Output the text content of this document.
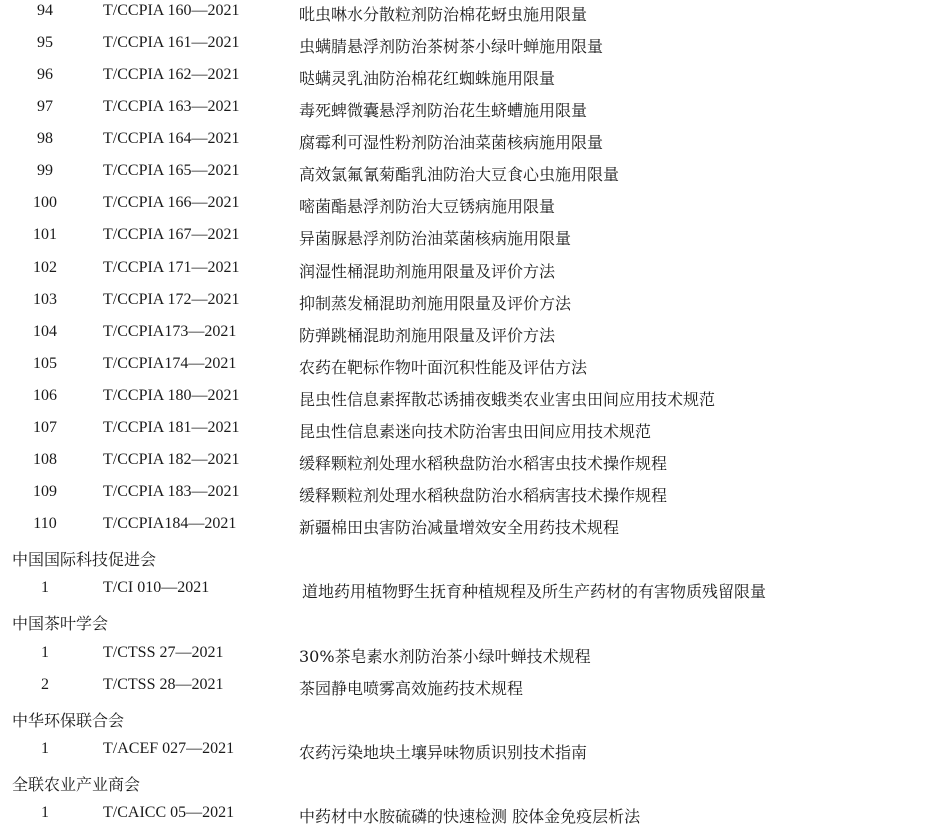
94	T/CCPIA 160—2021	吡虫啉水分散粒剂防治棉花蚜虫施用限量
95	T/CCPIA 161—2021	虫螨腈悬浮剂防治茶树茶小绿叶蝉施用限量
96	T/CCPIA 162—2021	哒螨灵乳油防治棉花红蜘蛛施用限量
97	T/CCPIA 163—2021	毒死蜱微囊悬浮剂防治花生蛴螬施用限量
98	T/CCPIA 164—2021	腐霉利可湿性粉剂防治油菜菌核病施用限量
99	T/CCPIA 165—2021	高效氯氟氰菊酯乳油防治大豆食心虫施用限量
100	T/CCPIA 166—2021	嘧菌酯悬浮剂防治大豆锈病施用限量
101	T/CCPIA 167—2021	异菌脲悬浮剂防治油菜菌核病施用限量
102	T/CCPIA 171—2021	润湿性桶混助剂施用限量及评价方法
103	T/CCPIA 172—2021	抑制蒸发桶混助剂施用限量及评价方法
104	T/CCPIA173—2021	防弹跳桶混助剂施用限量及评价方法
105	T/CCPIA174—2021	农药在靶标作物叶面沉积性能及评估方法
106	T/CCPIA 180—2021	昆虫性信息素挥散芯诱捕夜蛾类农业害虫田间应用技术规范
107	T/CCPIA 181—2021	昆虫性信息素迷向技术防治害虫田间应用技术规范
108	T/CCPIA 182—2021	缓释颗粒剂处理水稻秧盘防治水稻害虫技术操作规程
109	T/CCPIA 183—2021	缓释颗粒剂处理水稻秧盘防治水稻病害技术操作规程
110	T/CCPIA184—2021	新疆棉田虫害防治减量增效安全用药技术规程
中国国际科技促进会
1	T/CI 010—2021	道地药用植物野生抚育种植规程及所生产药材的有害物质残留限量
中国茶叶学会
1	T/CTSS 27—2021	30%茶皂素水剂防治茶小绿叶蝉技术规程
2	T/CTSS 28—2021	茶园静电喷雾高效施药技术规程
中华环保联合会
1	T/ACEF 027—2021	农药污染地块土壤异味物质识别技术指南
全联农业产业商会
1	T/CAICC 05—2021	中药材中水胺硫磷的快速检测 胶体金免疫层析法
